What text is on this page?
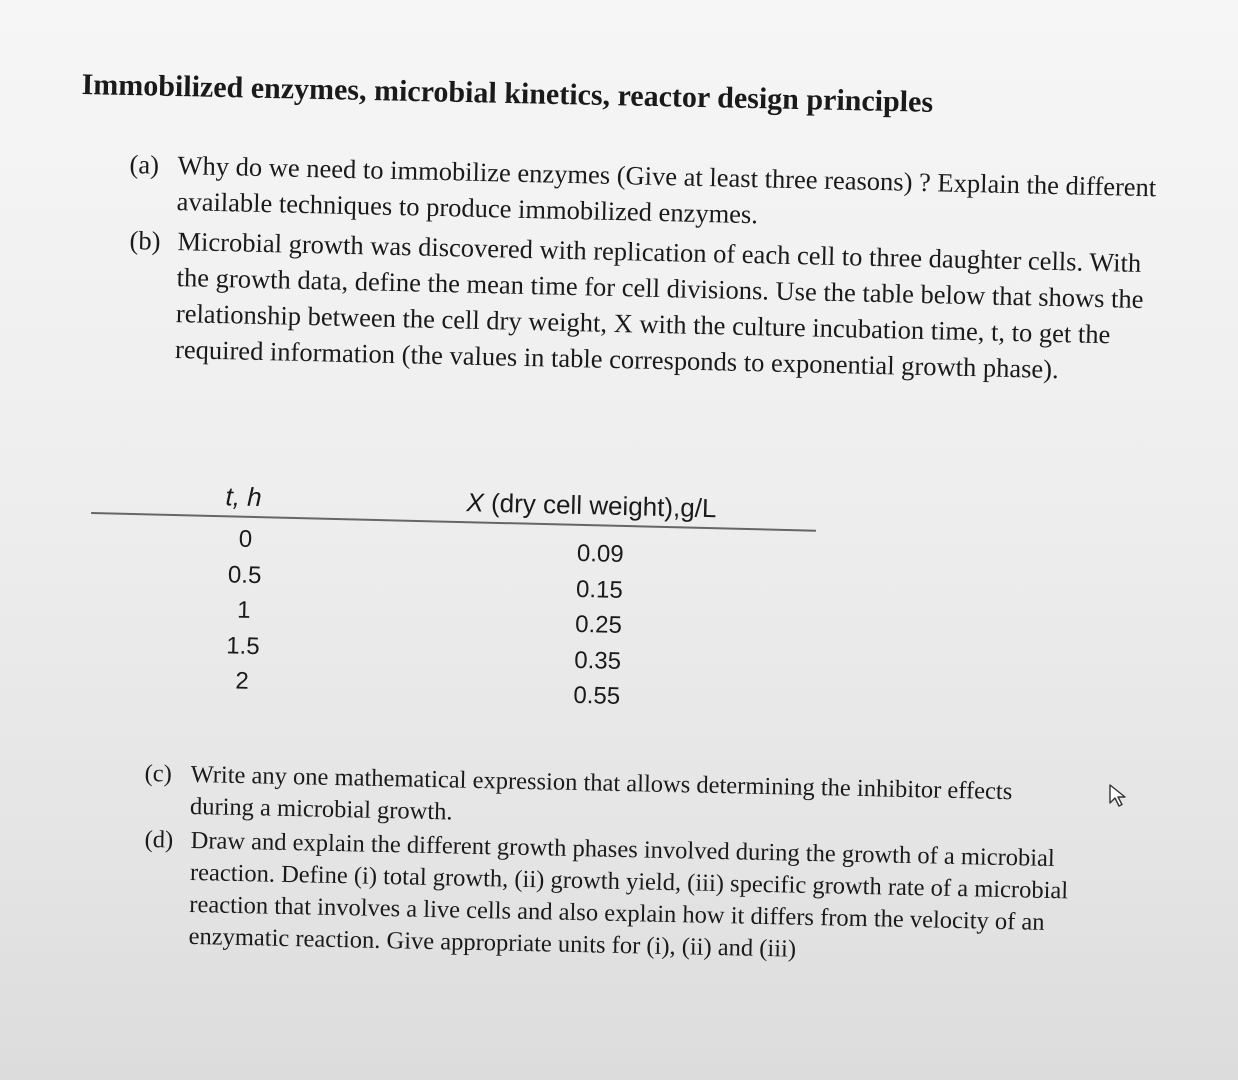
Immobilized enzymes, microbial kinetics, reactor design principles
(a) Why do we need to immobilize enzymes (Give at least three reasons) ? Explain the different available techniques to produce immobilized enzymes.
(b) Microbial growth was discovered with replication of each cell to three daughter cells. With the growth data, define the mean time for cell divisions. Use the table below that shows the relationship between the cell dry weight, X with the culture incubation time, t, to get the required information (the values in table corresponds to exponential growth phase).
t, h	X (dry cell weight),g/L
0
0.5
1
1.5
2
0.09
0.15
0.25
0.35
0.55
(c) Write any one mathematical expression that allows determining the inhibitor effects during a microbial growth.
(d) Draw and explain the different growth phases involved during the growth of a microbial reaction. Define (i) total growth, (ii) growth yield, (iii) specific growth rate of a microbial reaction that involves a live cells and also explain how it differs from the velocity of an enzymatic reaction. Give appropriate units for (i), (ii) and (iii)
